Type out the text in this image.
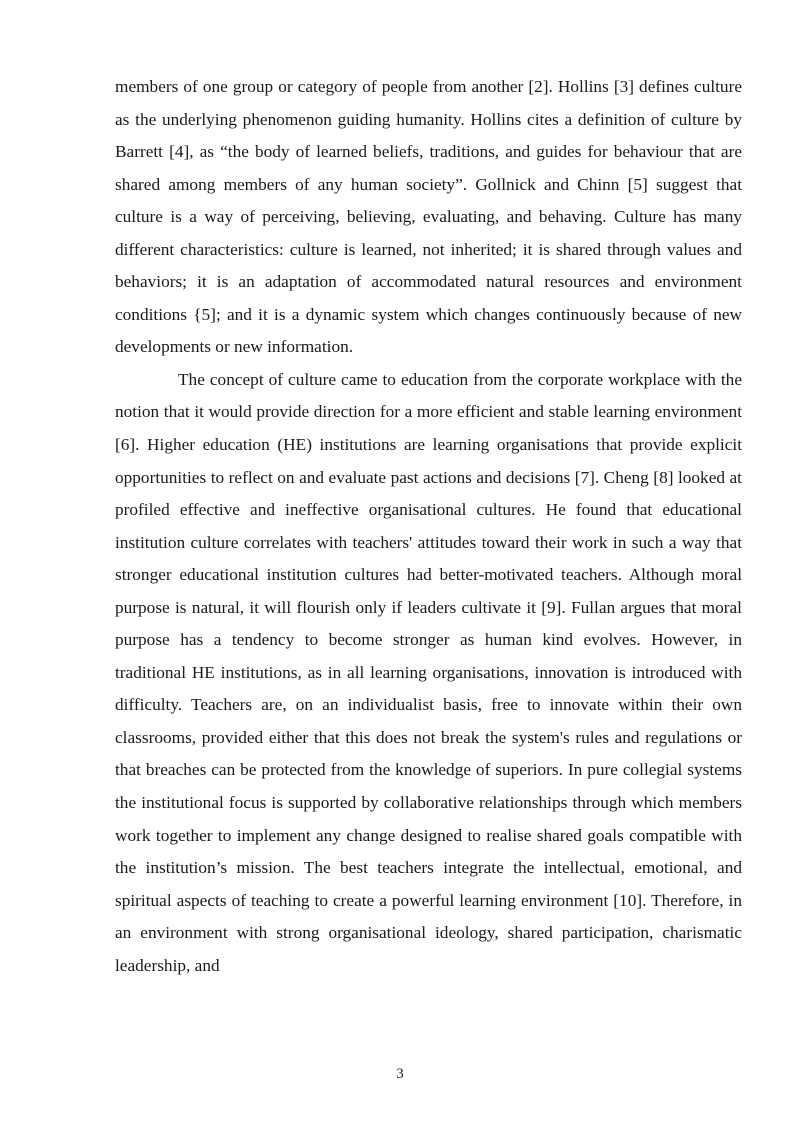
members of one group or category of people from another [2]. Hollins [3] defines culture as the underlying phenomenon guiding humanity. Hollins cites a definition of culture by Barrett [4], as “the body of learned beliefs, traditions, and guides for behaviour that are shared among members of any human society”. Gollnick and Chinn [5] suggest that culture is a way of perceiving, believing, evaluating, and behaving. Culture has many different characteristics: culture is learned, not inherited; it is shared through values and behaviors; it is an adaptation of accommodated natural resources and environment conditions {5]; and it is a dynamic system which changes continuously because of new developments or new information.

The concept of culture came to education from the corporate workplace with the notion that it would provide direction for a more efficient and stable learning environment [6]. Higher education (HE) institutions are learning organisations that provide explicit opportunities to reflect on and evaluate past actions and decisions [7]. Cheng [8] looked at profiled effective and ineffective organisational cultures. He found that educational institution culture correlates with teachers' attitudes toward their work in such a way that stronger educational institution cultures had better-motivated teachers. Although moral purpose is natural, it will flourish only if leaders cultivate it [9]. Fullan argues that moral purpose has a tendency to become stronger as human kind evolves. However, in traditional HE institutions, as in all learning organisations, innovation is introduced with difficulty. Teachers are, on an individualist basis, free to innovate within their own classrooms, provided either that this does not break the system's rules and regulations or that breaches can be protected from the knowledge of superiors. In pure collegial systems the institutional focus is supported by collaborative relationships through which members work together to implement any change designed to realise shared goals compatible with the institution’s mission. The best teachers integrate the intellectual, emotional, and spiritual aspects of teaching to create a powerful learning environment [10]. Therefore, in an environment with strong organisational ideology, shared participation, charismatic leadership, and

3
